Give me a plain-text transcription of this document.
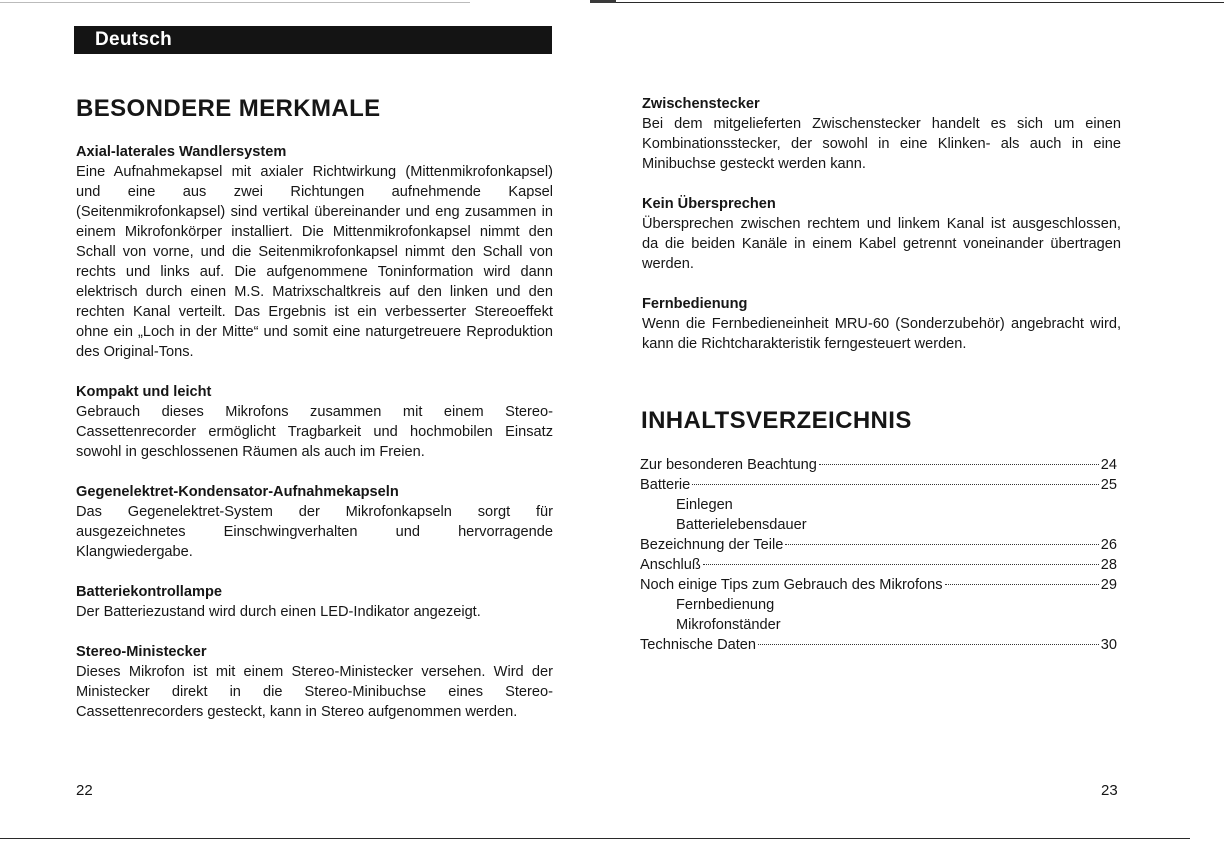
Deutsch
BESONDERE MERKMALE

Axial-laterales Wandlersystem

Eine Aufnahmekapsel mit axialer Richtwirkung (Mittenmikrofonkapsel) und eine aus zwei Richtungen aufnehmende Kapsel (Seitenmikrofonkapsel) sind vertikal übereinander und eng zusammen in einem Mikrofonkörper installiert. Die Mittenmikrofonkapsel nimmt den Schall von vorne, und die Seitenmikrofonkapsel nimmt den Schall von rechts und links auf. Die aufgenommene Toninformation wird dann elektrisch durch einen M.S. Matrixschaltkreis auf den linken und den rechten Kanal verteilt. Das Ergebnis ist ein verbesserter Stereoeffekt ohne ein „Loch in der Mitte“ und somit eine naturgetreuere Reproduktion des Original-Tons.

Kompakt und leicht

Gebrauch dieses Mikrofons zusammen mit einem Stereo-Cassettenrecorder ermöglicht Tragbarkeit und hochmobilen Einsatz sowohl in geschlossenen Räumen als auch im Freien.

Gegenelektret-Kondensator-Aufnahmekapseln

Das Gegenelektret-System der Mikrofonkapseln sorgt für ausgezeichnetes Einschwingverhalten und hervorragende Klangwiedergabe.

Batteriekontrollampe

Der Batteriezustand wird durch einen LED-Indikator angezeigt.

Stereo-Ministecker

Dieses Mikrofon ist mit einem Stereo-Ministecker versehen. Wird der Ministecker direkt in die Stereo-Minibuchse eines Stereo-Cassettenrecorders gesteckt, kann in Stereo aufgenommen werden.

22

Zwischenstecker

Bei dem mitgelieferten Zwischenstecker handelt es sich um einen Kombinationsstecker, der sowohl in eine Klinken- als auch in eine Minibuchse gesteckt werden kann.

Kein Übersprechen

Übersprechen zwischen rechtem und linkem Kanal ist ausgeschlossen, da die beiden Kanäle in einem Kabel getrennt voneinander übertragen werden.

Fernbedienung

Wenn die Fernbedieneinheit MRU-60 (Sonderzubehör) angebracht wird, kann die Richtcharakteristik ferngesteuert werden.

INHALTSVERZEICHNIS
Zur besonderen Beachtung	24
Batterie	25
Einlegen
Batterielebensdauer
Bezeichnung der Teile	26
Anschluß	28
Noch einige Tips zum Gebrauch des Mikrofons	29
Fernbedienung
Mikrofonständer
Technische Daten	30
23
